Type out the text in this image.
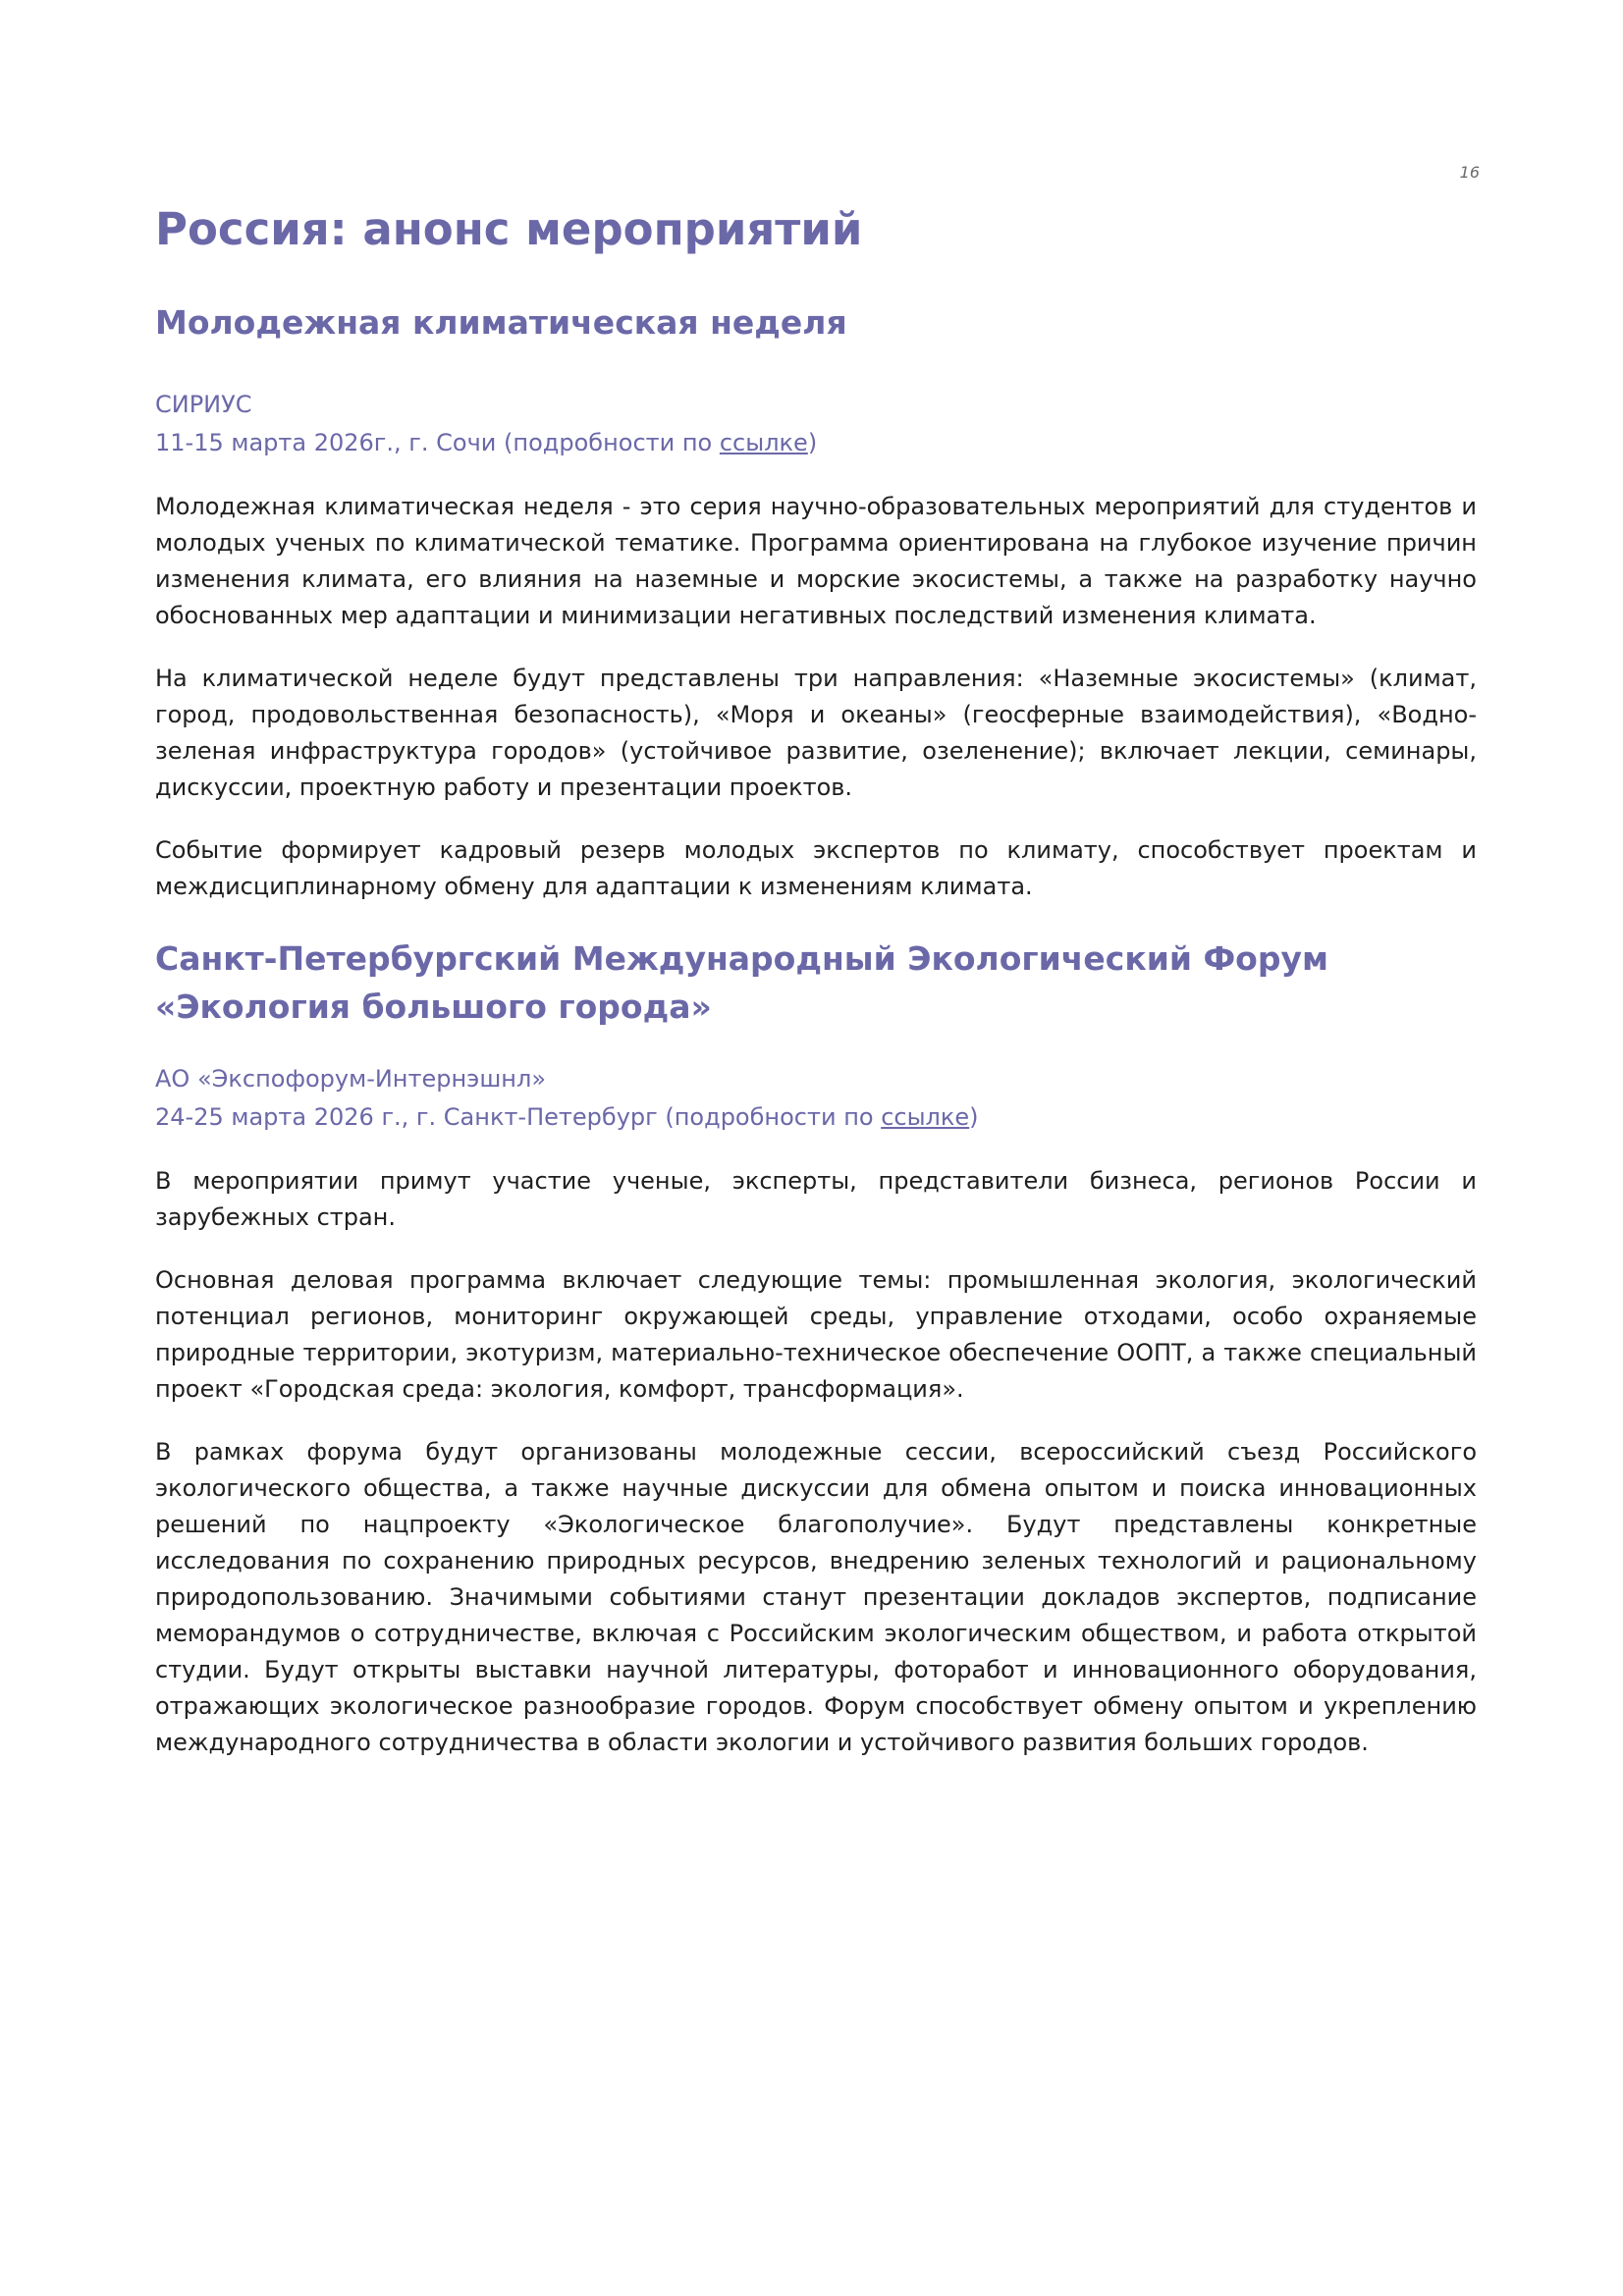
16
Россия: анонс мероприятий
Молодежная климатическая неделя
СИРИУС
11-15 марта 2026г., г. Сочи (подробности по ссылке)

Молодежная климатическая неделя - это серия научно-образовательных мероприятий для студентов и молодых ученых по климатической тематике. Программа ориентирована на глубокое изучение причин изменения климата, его влияния на наземные и морские экосистемы, а также на разработку научно обоснованных мер адаптации и минимизации негативных последствий изменения климата.

На климатической неделе будут представлены три направления: «Наземные экосистемы» (климат, город, продовольственная безопасность), «Моря и океаны» (геосферные взаимодействия), «Водно-зеленая инфраструктура городов» (устойчивое развитие, озеленение); включает лекции, семинары, дискуссии, проектную работу и презентации проектов.

Событие формирует кадровый резерв молодых экспертов по климату, способствует проектам и междисциплинарному обмену для адаптации к изменениям климата.

Санкт-Петербургский Международный Экологический Форум «Экология большого города»
АО «Экспофорум-Интернэшнл»
24-25 марта 2026 г., г. Санкт-Петербург (подробности по ссылке)

В мероприятии примут участие ученые, эксперты, представители бизнеса, регионов России и зарубежных стран.

Основная деловая программа включает следующие темы: промышленная экология, экологический потенциал регионов, мониторинг окружающей среды, управление отходами, особо охраняемые природные территории, экотуризм, материально-техническое обеспечение ООПТ, а также специальный проект «Городская среда: экология, комфорт, трансформация».

В рамках форума будут организованы молодежные сессии, всероссийский съезд Российского экологического общества, а также научные дискуссии для обмена опытом и поиска инновационных решений по нацпроекту «Экологическое благополучие». Будут представлены конкретные исследования по сохранению природных ресурсов, внедрению зеленых технологий и рациональному природопользованию. Значимыми событиями станут презентации докладов экспертов, подписание меморандумов о сотрудничестве, включая с Российским экологическим обществом, и работа открытой студии. Будут открыты выставки научной литературы, фоторабот и инновационного оборудования, отражающих экологическое разнообразие городов. Форум способствует обмену опытом и укреплению международного сотрудничества в области экологии и устойчивого развития больших городов.
